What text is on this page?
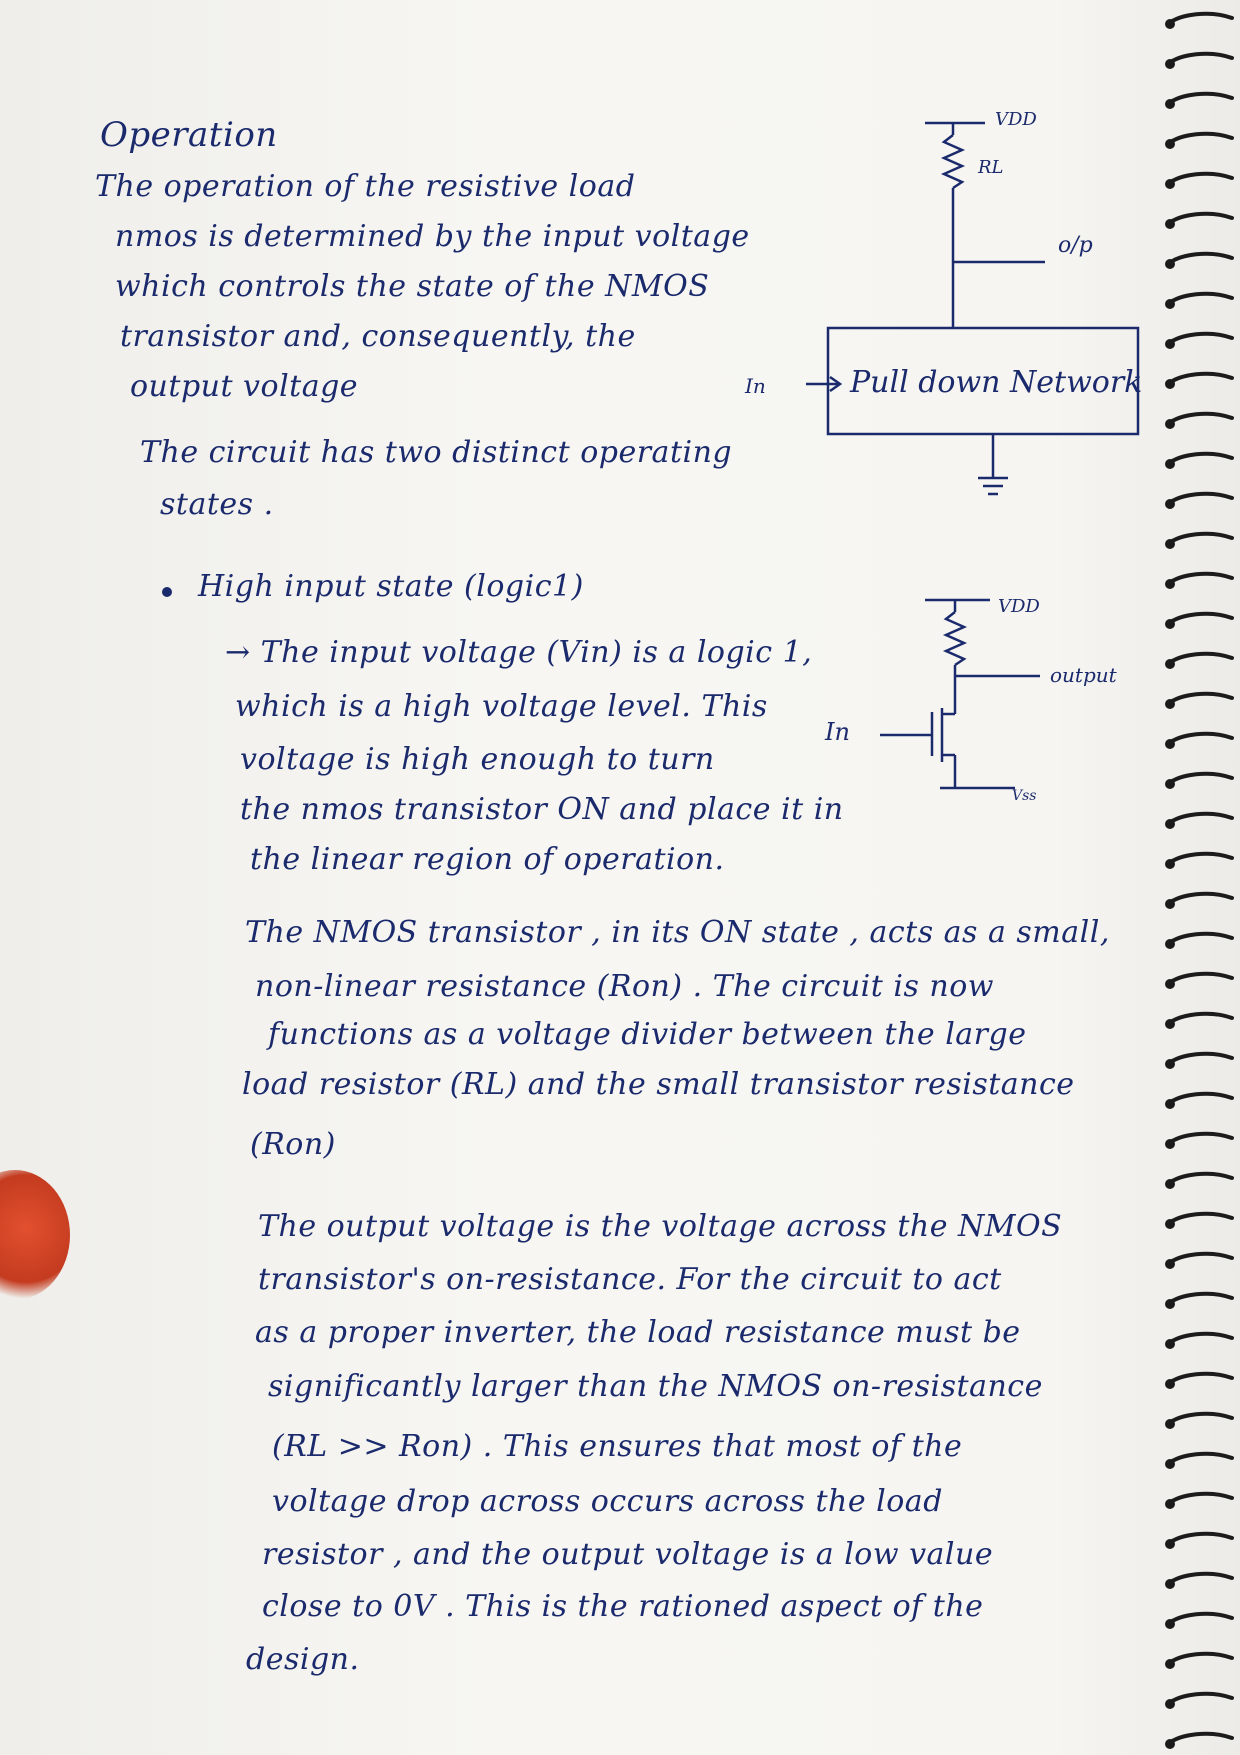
Operation
The operation of the resistive load
nmos is determined by the input voltage
which controls the state of the NMOS
transistor and, consequently, the
output voltage
The circuit has two distinct operating
states .
High input state (logic1)
→ The input voltage (Vin) is a logic 1,
which is a high voltage level. This
voltage is high enough to turn
the nmos transistor ON and place it in
the linear region of operation.
The NMOS transistor , in its ON state , acts as a small,
non-linear resistance (Ron) . The circuit is now
functions as a voltage divider between the large
load resistor (RL) and the small transistor resistance
(Ron)
The output voltage is the voltage across the NMOS
transistor's on-resistance. For the circuit to act
as a proper inverter, the load resistance must be
significantly larger than the NMOS on-resistance
(RL >> Ron) . This ensures that most of the
voltage drop across occurs across the load
resistor , and the output voltage is a low value
close to 0V . This is the rationed aspect of the
design.
VDD
RL
o/p
In	Pull down Network
VDD
output
In
Vss
